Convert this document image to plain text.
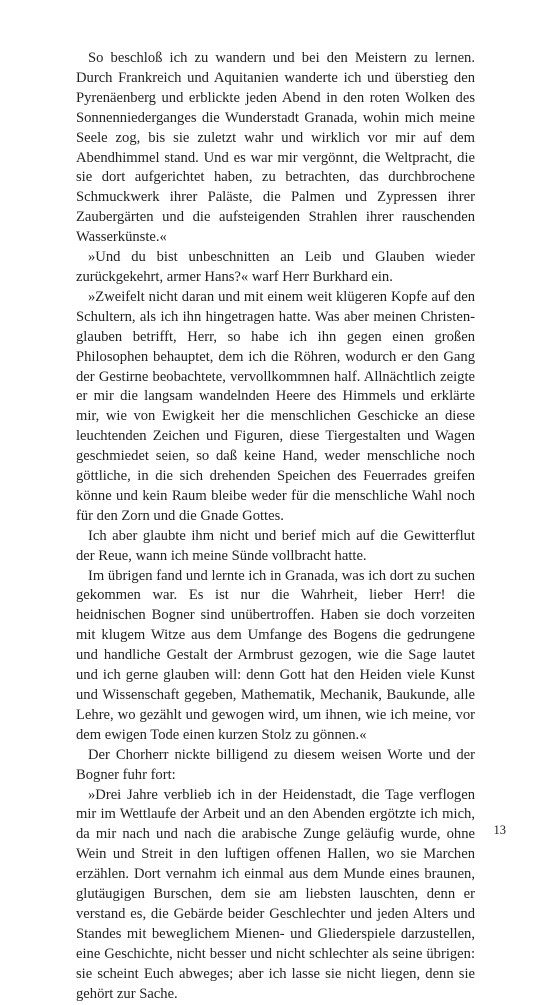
So beschloß ich zu wandern und bei den Meistern zu lernen. Durch Frankreich und Aquitanien wanderte ich und überstieg den Pyrenäenberg und erblickte jeden Abend in den roten Wolken des Sonnenniederganges die Wunderstadt Granada, wohin mich meine Seele zog, bis sie zuletzt wahr und wirklich vor mir auf dem Abendhimmel stand. Und es war mir vergönnt, die Weltpracht, die sie dort aufgerichtet haben, zu betrachten, das durchbrochene Schmuckwerk ihrer Paläste, die Palmen und Zypressen ihrer Zaubergärten und die aufsteigenden Strahlen ihrer rauschenden Wasserkünste.«

»Und du bist unbeschnitten an Leib und Glauben wieder zurückgekehrt, armer Hans?« warf Herr Burkhard ein.

»Zweifelt nicht daran und mit einem weit klügeren Kopfe auf den Schultern, als ich ihn hingetragen hatte. Was aber meinen Christenglauben betrifft, Herr, so habe ich ihn gegen einen großen Philosophen behauptet, dem ich die Röhren, wodurch er den Gang der Gestirne beobachtete, vervollkommnen half. Allnächtlich zeigte er mir die langsam wandelnden Heere des Himmels und erklärte mir, wie von Ewigkeit her die menschlichen Geschicke an diese leuchtenden Zeichen und Figuren, diese Tiergestalten und Wagen geschmiedet seien, so daß keine Hand, weder menschliche noch göttliche, in die sich drehenden Speichen des Feuerrades greifen könne und kein Raum bleibe weder für die menschliche Wahl noch für den Zorn und die Gnade Gottes.

Ich aber glaubte ihm nicht und berief mich auf die Gewitterflut der Reue, wann ich meine Sünde vollbracht hatte.

Im übrigen fand und lernte ich in Granada, was ich dort zu suchen gekommen war. Es ist nur die Wahrheit, lieber Herr! die heidnischen Bogner sind unübertroffen. Haben sie doch vorzeiten mit klugem Witze aus dem Umfange des Bogens die gedrungene und handliche Gestalt der Armbrust gezogen, wie die Sage lautet und ich gerne glauben will: denn Gott hat den Heiden viele Kunst und Wissenschaft gegeben, Mathematik, Mechanik, Baukunde, alle Lehre, wo gezählt und gewogen wird, um ihnen, wie ich meine, vor dem ewigen Tode einen kurzen Stolz zu gönnen.«

Der Chorherr nickte billigend zu diesem weisen Worte und der Bogner fuhr fort:

»Drei Jahre verblieb ich in der Heidenstadt, die Tage verflogen mir im Wettlaufe der Arbeit und an den Abenden ergötzte ich mich, da mir nach und nach die arabische Zunge geläufig wurde, ohne Wein und Streit in den luftigen offenen Hallen, wo sie Marchen erzählen. Dort vernahm ich einmal aus dem Munde eines braunen, glutäugigen Burschen, dem sie am liebsten lauschten, denn er verstand es, die Gebärde beider Geschlechter und jeden Alters und Standes mit beweglichem Mienen- und Gliederspiele darzustellen, eine Geschichte, nicht besser und nicht schlechter als seine übrigen: sie scheint Euch abweges; aber ich lasse sie nicht liegen, denn sie gehört zur Sache.

13
